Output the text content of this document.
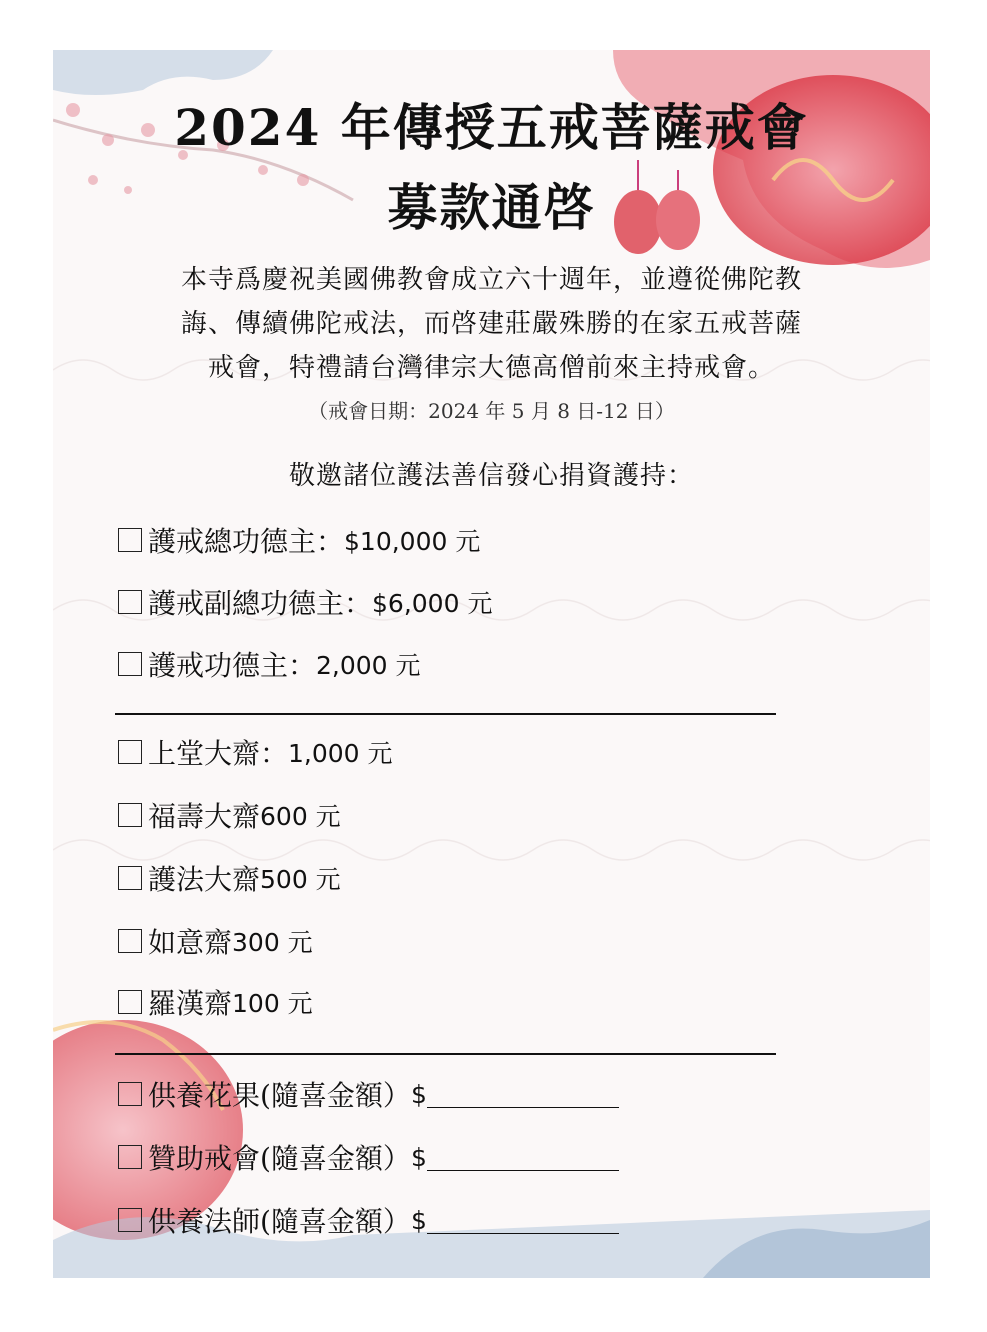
2024 年傳授五戒菩薩戒會
募款通啓
本寺爲慶祝美國佛教會成立六十週年，並遵從佛陀教
誨、傳續佛陀戒法，而啓建莊嚴殊勝的在家五戒菩薩
戒會，特禮請台灣律宗大德高僧前來主持戒會。
（戒會日期：2024 年 5 月 8 日-12 日）
敬邀諸位護法善信發心捐資護持：
護戒總功德主： $10,000 元
護戒副總功德主： $6,000 元
護戒功德主： 2,000 元
上堂大齋： 1,000 元
福壽大齋 600 元
護法大齋 500 元
如意齋 300 元
羅漢齋 100 元
供養花果(隨喜金額） $
贊助戒會(隨喜金額） $
供養法師(隨喜金額） $
